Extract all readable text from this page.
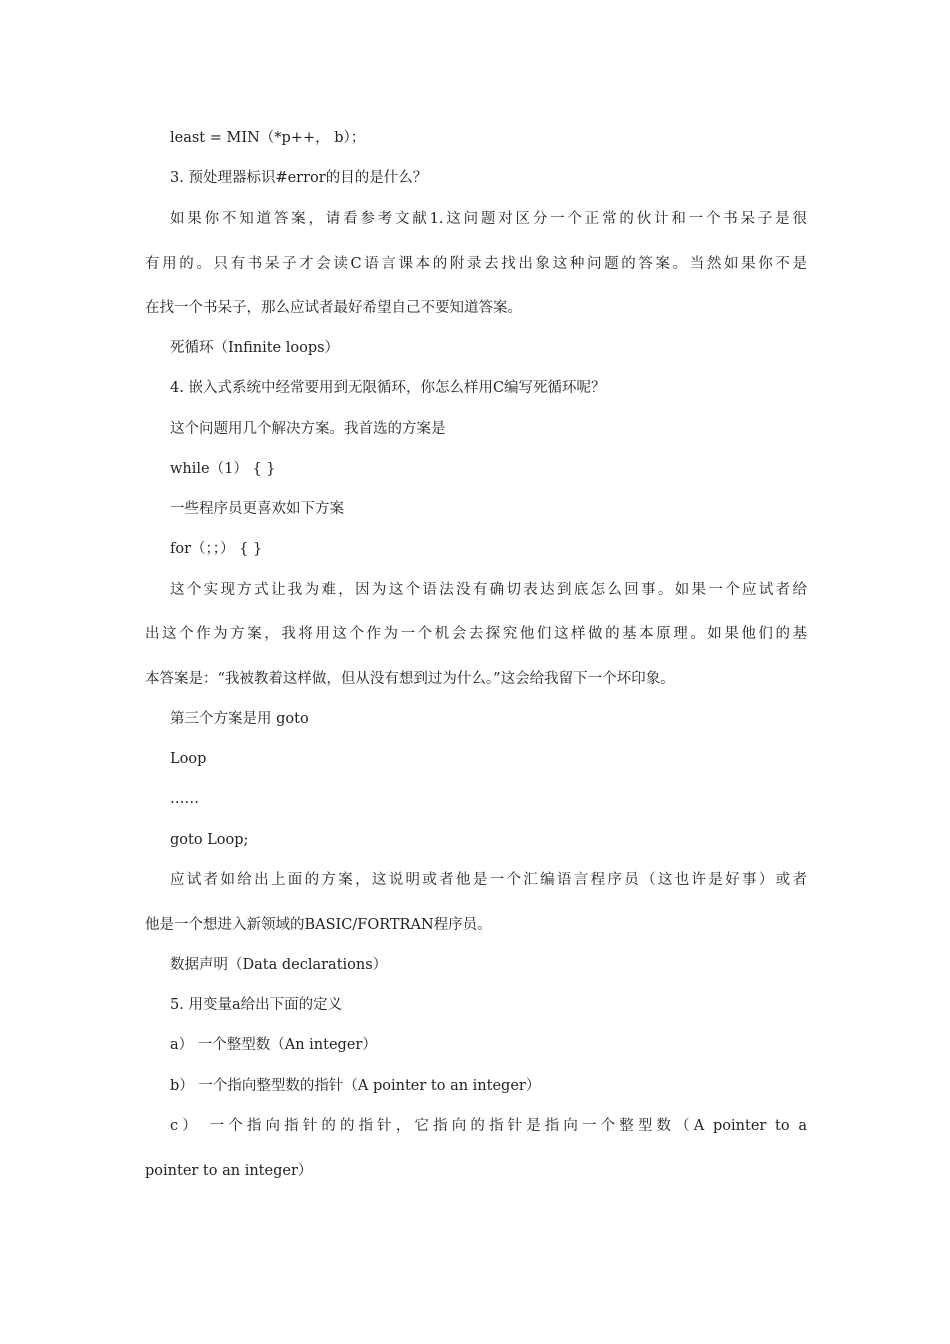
least = MIN（*p++， b）；
3. 预处理器标识#error的目的是什么？
如果你不知道答案，请看参考文献1.这问题对区分一个正常的伙计和一个书呆子是很
有用的。只有书呆子才会读C语言课本的附录去找出象这种问题的答案。当然如果你不是
在找一个书呆子，那么应试者最好希望自己不要知道答案。
死循环（Infinite loops）
4. 嵌入式系统中经常要用到无限循环，你怎么样用C编写死循环呢？
这个问题用几个解决方案。我首选的方案是
while（1） { }
一些程序员更喜欢如下方案
for（；；） { }
这个实现方式让我为难，因为这个语法没有确切表达到底怎么回事。如果一个应试者给
出这个作为方案，我将用这个作为一个机会去探究他们这样做的基本原理。如果他们的基
本答案是：“我被教着这样做，但从没有想到过为什么。”这会给我留下一个坏印象。
第三个方案是用 goto
Loop
……
goto Loop;
应试者如给出上面的方案，这说明或者他是一个汇编语言程序员（这也许是好事）或者
他是一个想进入新领域的BASIC/FORTRAN程序员。
数据声明（Data declarations）
5. 用变量a给出下面的定义
a） 一个整型数（An integer）
b） 一个指向整型数的指针（A pointer to an integer）
c） 一个指向指针的的指针，它指向的指针是指向一个整型数（A pointer to a
pointer to an integer）
